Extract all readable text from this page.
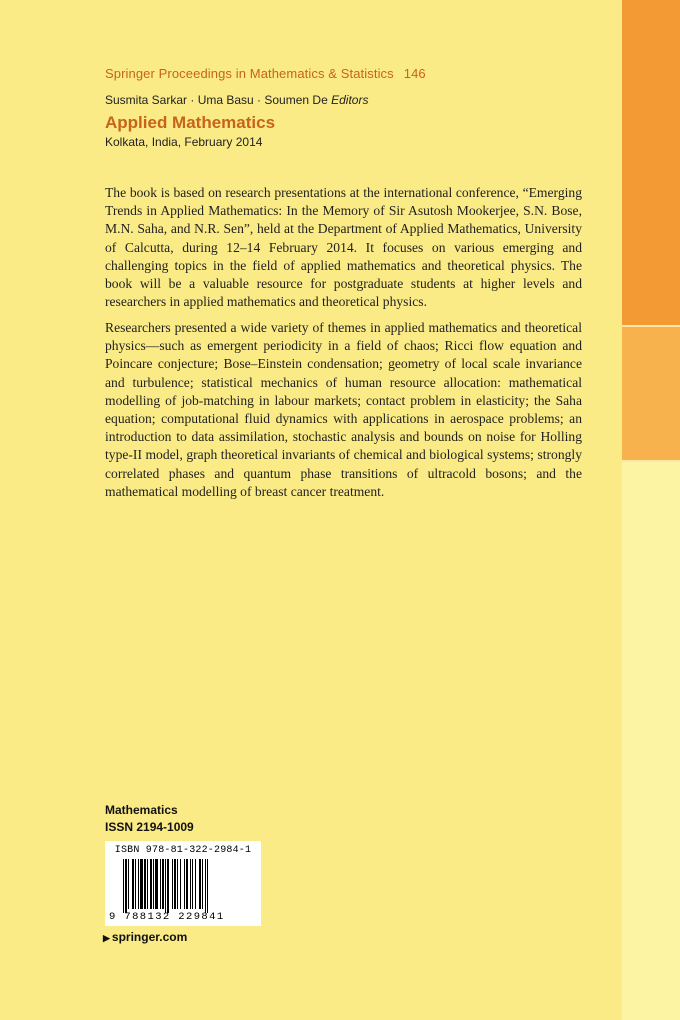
Springer Proceedings in Mathematics & Statistics 146
Susmita Sarkar · Uma Basu · Soumen De Editors
Applied Mathematics
Kolkata, India, February 2014

The book is based on research presentations at the international conference, “Emerging Trends in Applied Mathematics: In the Memory of Sir Asutosh Mookerjee, S.N. Bose, M.N. Saha, and N.R. Sen”, held at the Department of Applied Mathematics, University of Calcutta, during 12–14 February 2014. It focuses on various emerging and challenging topics in the field of applied mathematics and theoretical physics. The book will be a valuable resource for postgraduate students at higher levels and researchers in applied mathematics and theoretical physics.

Researchers presented a wide variety of themes in applied mathematics and theoretical physics—such as emergent periodicity in a field of chaos; Ricci flow equation and Poincare conjecture; Bose–Einstein condensation; geometry of local scale invariance and turbulence; statistical mechanics of human resource allocation: mathematical modelling of job-matching in labour markets; contact problem in elasticity; the Saha equation; computational fluid dynamics with applications in aerospace problems; an introduction to data assimilation, stochastic analysis and bounds on noise for Holling type-II model, graph theoretical invariants of chemical and biological systems; strongly correlated phases and quantum phase transitions of ultracold bosons; and the mathematical modelling of breast cancer treatment.

Mathematics
ISSN 2194-1009
ISBN 978-81-322-2984-1
9 788132 229841
▶ springer.com
